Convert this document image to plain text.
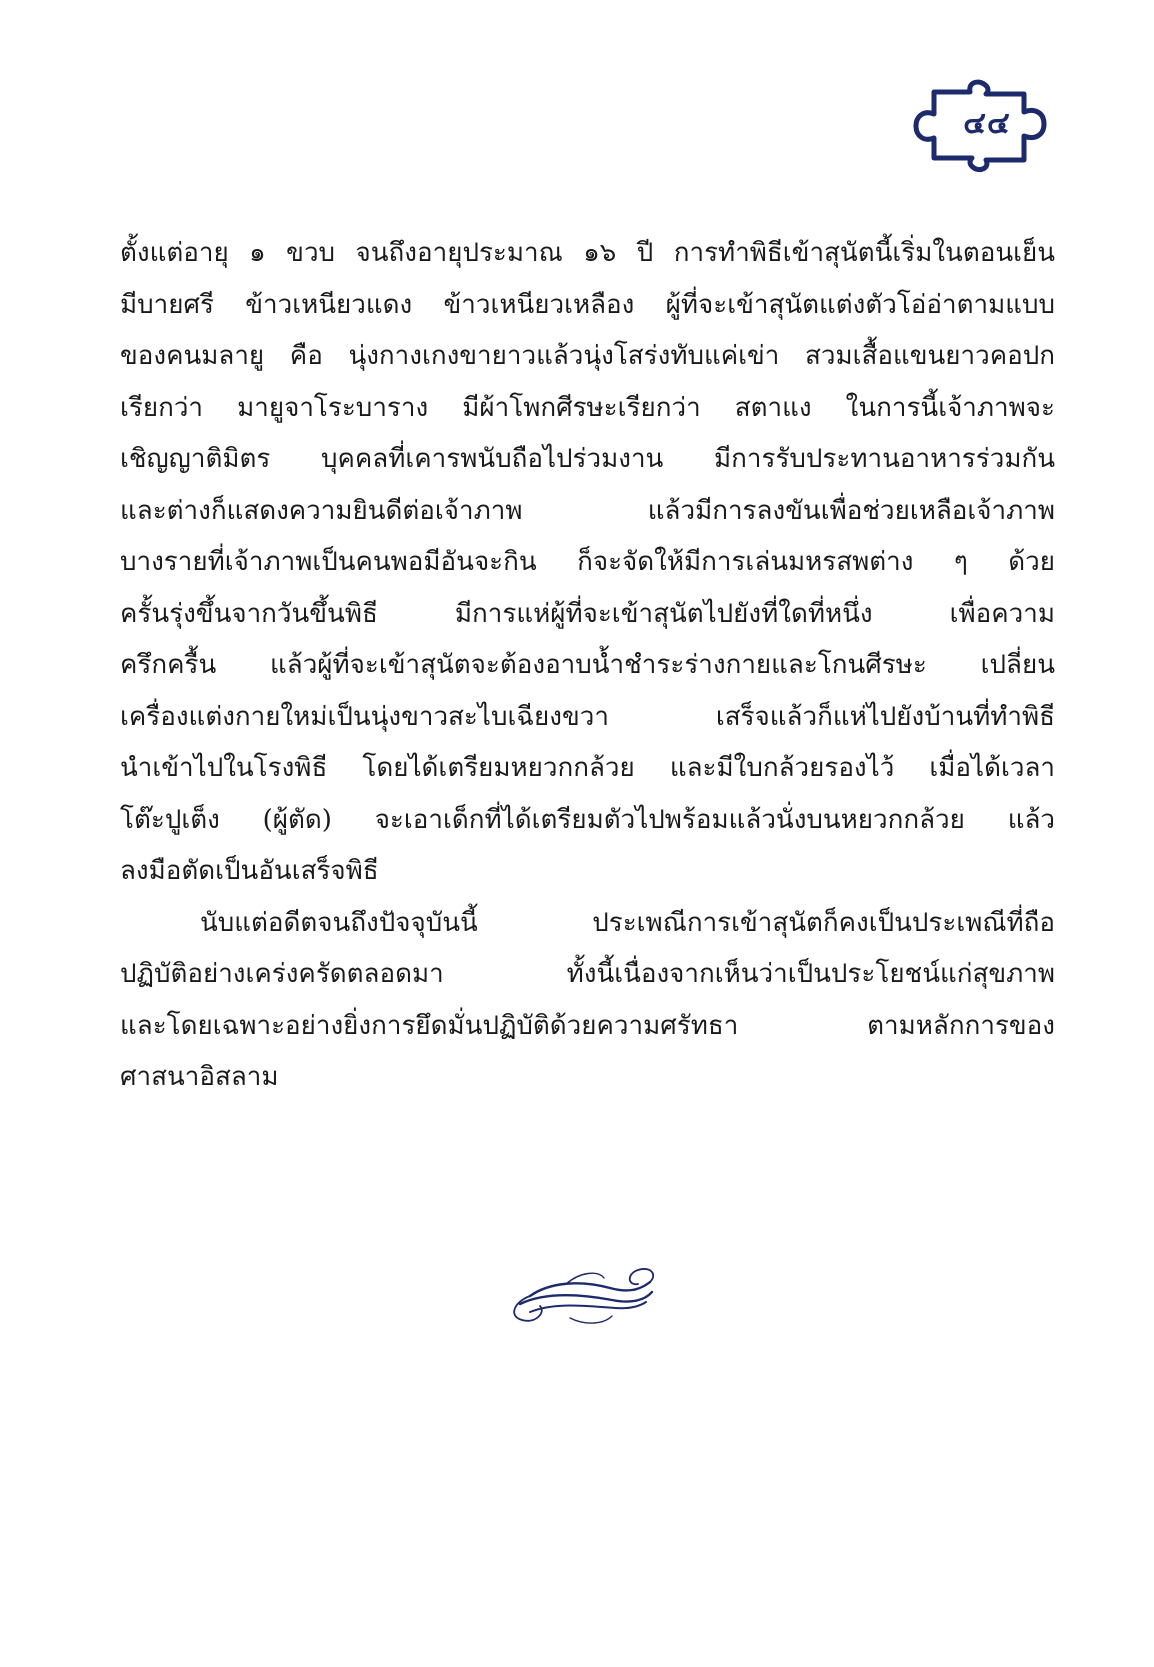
๔๔
ตั้งแต่อายุ ๑ ขวบ จนถึงอายุประมาณ ๑๖ ปี การทำพิธีเข้าสุนัตนี้เริ่มในตอนเย็น
มีบายศรี ข้าวเหนียวแดง ข้าวเหนียวเหลือง ผู้ที่จะเข้าสุนัตแต่งตัวโอ่อ่าตามแบบ
ของคนมลายู คือ นุ่งกางเกงขายาวแล้วนุ่งโสร่งทับแค่เข่า สวมเสื้อแขนยาวคอปก
เรียกว่า มายูจาโระบาราง มีผ้าโพกศีรษะเรียกว่า สตาแง ในการนี้เจ้าภาพจะ
เชิญญาติมิตร บุคคลที่เคารพนับถือไปร่วมงาน มีการรับประทานอาหารร่วมกัน
และต่างก็แสดงความยินดีต่อเจ้าภาพ แล้วมีการลงขันเพื่อช่วยเหลือเจ้าภาพ
บางรายที่เจ้าภาพเป็นคนพอมีอันจะกิน ก็จะจัดให้มีการเล่นมหรสพต่าง ๆ ด้วย
ครั้นรุ่งขึ้นจากวันขึ้นพิธี มีการแห่ผู้ที่จะเข้าสุนัตไปยังที่ใดที่หนึ่ง เพื่อความ
ครึกครื้น แล้วผู้ที่จะเข้าสุนัตจะต้องอาบน้ำชำระร่างกายและโกนศีรษะ เปลี่ยน
เครื่องแต่งกายใหม่เป็นนุ่งขาวสะไบเฉียงขวา เสร็จแล้วก็แห่ไปยังบ้านที่ทำพิธี
นำเข้าไปในโรงพิธี โดยได้เตรียมหยวกกล้วย และมีใบกล้วยรองไว้ เมื่อได้เวลา
โต๊ะปูเต็ง (ผู้ตัด) จะเอาเด็กที่ได้เตรียมตัวไปพร้อมแล้วนั่งบนหยวกกล้วย แล้ว
ลงมือตัดเป็นอันเสร็จพิธี
นับแต่อดีตจนถึงปัจจุบันนี้ ประเพณีการเข้าสุนัตก็คงเป็นประเพณีที่ถือ
ปฏิบัติอย่างเคร่งครัดตลอดมา ทั้งนี้เนื่องจากเห็นว่าเป็นประโยชน์แก่สุขภาพ
และโดยเฉพาะอย่างยิ่งการยึดมั่นปฏิบัติด้วยความศรัทธา ตามหลักการของ
ศาสนาอิสลาม
